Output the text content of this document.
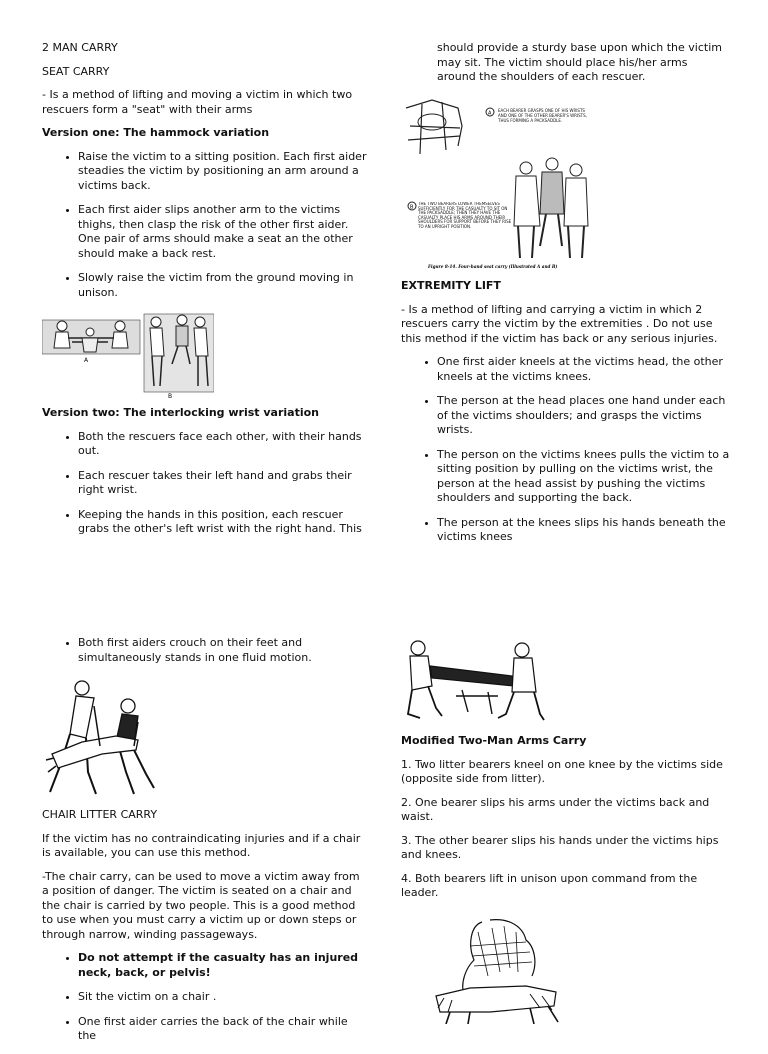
2 MAN CARRY

SEAT CARRY

- Is a method of lifting and moving a victim in which two rescuers form a "seat" with their arms

Version one: The hammock variation

• Raise the victim to a sitting position. Each first aider steadies the victim by positioning an arm around a victims back.
• Each first aider slips another arm to the victims thighs, then clasp the risk of the other first aider. One pair of arms should make a seat an the other should make a back rest.
• Slowly raise the victim from the ground moving in unison.
A
B

Version two: The interlocking wrist variation

• Both the rescuers face each other, with their hands out.
• Each rescuer takes their left hand and grabs their right wrist.
• Keeping the hands in this position, each rescuer grabs the other's left wrist with the right hand. This

should provide a sturdy base upon which the victim may sit. The victim should place his/her arms around the shoulders of each rescuer.

A EACH BEARER GRASPS ONE OF HIS WRISTS AND ONE OF THE OTHER BEARER'S WRISTS, THUS FORMING A PACKSADDLE.
B
THE TWO BEARERS LOWER THEMSELVES SUFFICIENTLY FOR THE CASUALTY TO SIT ON THE PACKSADDLE; THEN THEY HAVE THE CASUALTY PLACE HIS ARMS AROUND THEIR SHOULDERS FOR SUPPORT BEFORE THEY RISE TO AN UPRIGHT POSITION.
Figure 8-14. Four-hand seat carry (Illustrated A and B)

EXTREMITY LIFT

- Is a method of lifting and carrying a victim in which 2 rescuers carry the victim by the extremities . Do not use this method if the victim has back or any serious injuries.

• One first aider kneels at the victims head, the other kneels at the victims knees.
• The person at the head places one hand under each of the victims shoulders; and grasps the victims wrists.
• The person on the victims knees pulls the victim to a sitting position by pulling on the victims wrist, the person at the head assist by pushing the victims shoulders and supporting the back.
• The person at the knees slips his hands beneath the victims knees
• Both first aiders crouch on their feet and simultaneously stands in one fluid motion.

CHAIR LITTER CARRY

If the victim has no contraindicating injuries and if a chair is available, you can use this method.

-The chair carry, can be used to move a victim away from a position of danger. The victim is seated on a chair and the chair is carried by two people. This is a good method to use when you must carry a victim up or down steps or through narrow, winding passageways.

• Do not attempt if the casualty has an injured neck, back, or pelvis!
• Sit the victim on a chair .
• One first aider carries the back of the chair while the

Modified Two-Man Arms Carry

1. Two litter bearers kneel on one knee by the victims side (opposite side from litter).

2. One bearer slips his arms under the victims back and waist.

3. The other bearer slips his hands under the victims hips and knees.

4. Both bearers lift in unison upon command from the leader.
